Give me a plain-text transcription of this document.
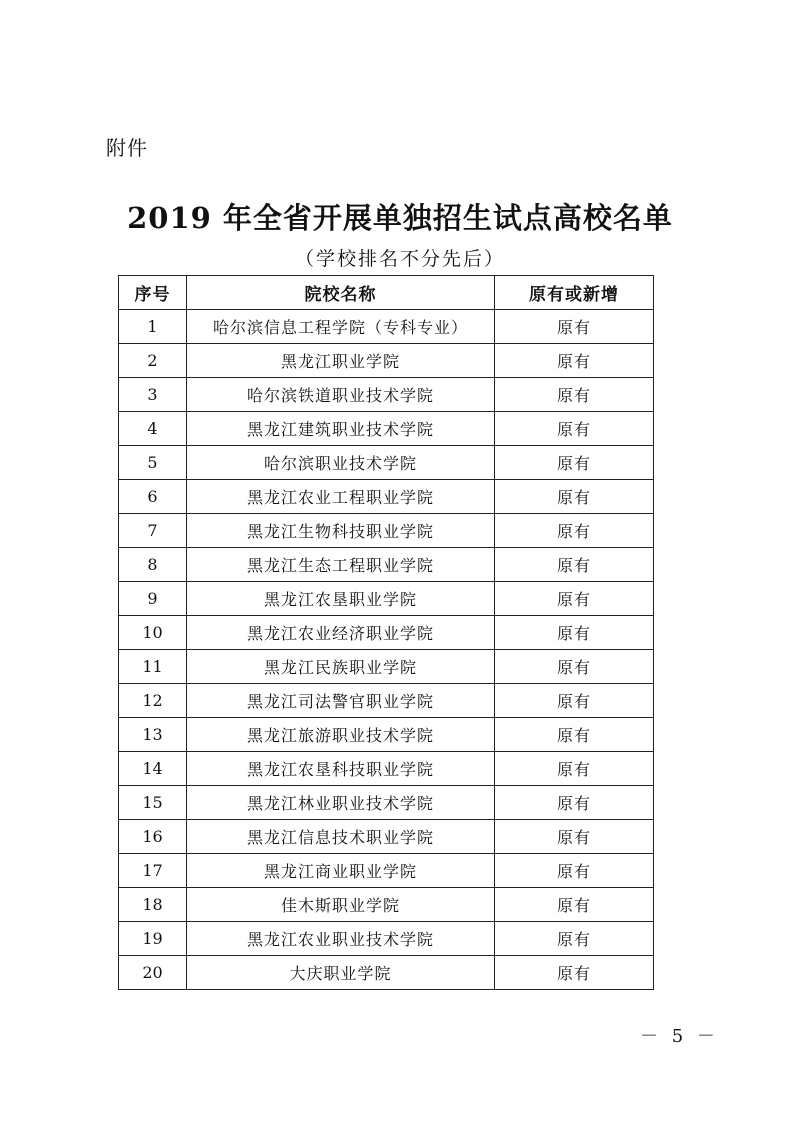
附件
2019 年全省开展单独招生试点高校名单
（学校排名不分先后）
序号	院校名称	原有或新增
1	哈尔滨信息工程学院（专科专业）	原有
2	黑龙江职业学院	原有
3	哈尔滨铁道职业技术学院	原有
4	黑龙江建筑职业技术学院	原有
5	哈尔滨职业技术学院	原有
6	黑龙江农业工程职业学院	原有
7	黑龙江生物科技职业学院	原有
8	黑龙江生态工程职业学院	原有
9	黑龙江农垦职业学院	原有
10	黑龙江农业经济职业学院	原有
11	黑龙江民族职业学院	原有
12	黑龙江司法警官职业学院	原有
13	黑龙江旅游职业技术学院	原有
14	黑龙江农垦科技职业学院	原有
15	黑龙江林业职业技术学院	原有
16	黑龙江信息技术职业学院	原有
17	黑龙江商业职业学院	原有
18	佳木斯职业学院	原有
19	黑龙江农业职业技术学院	原有
20	大庆职业学院	原有
－ 5 －
